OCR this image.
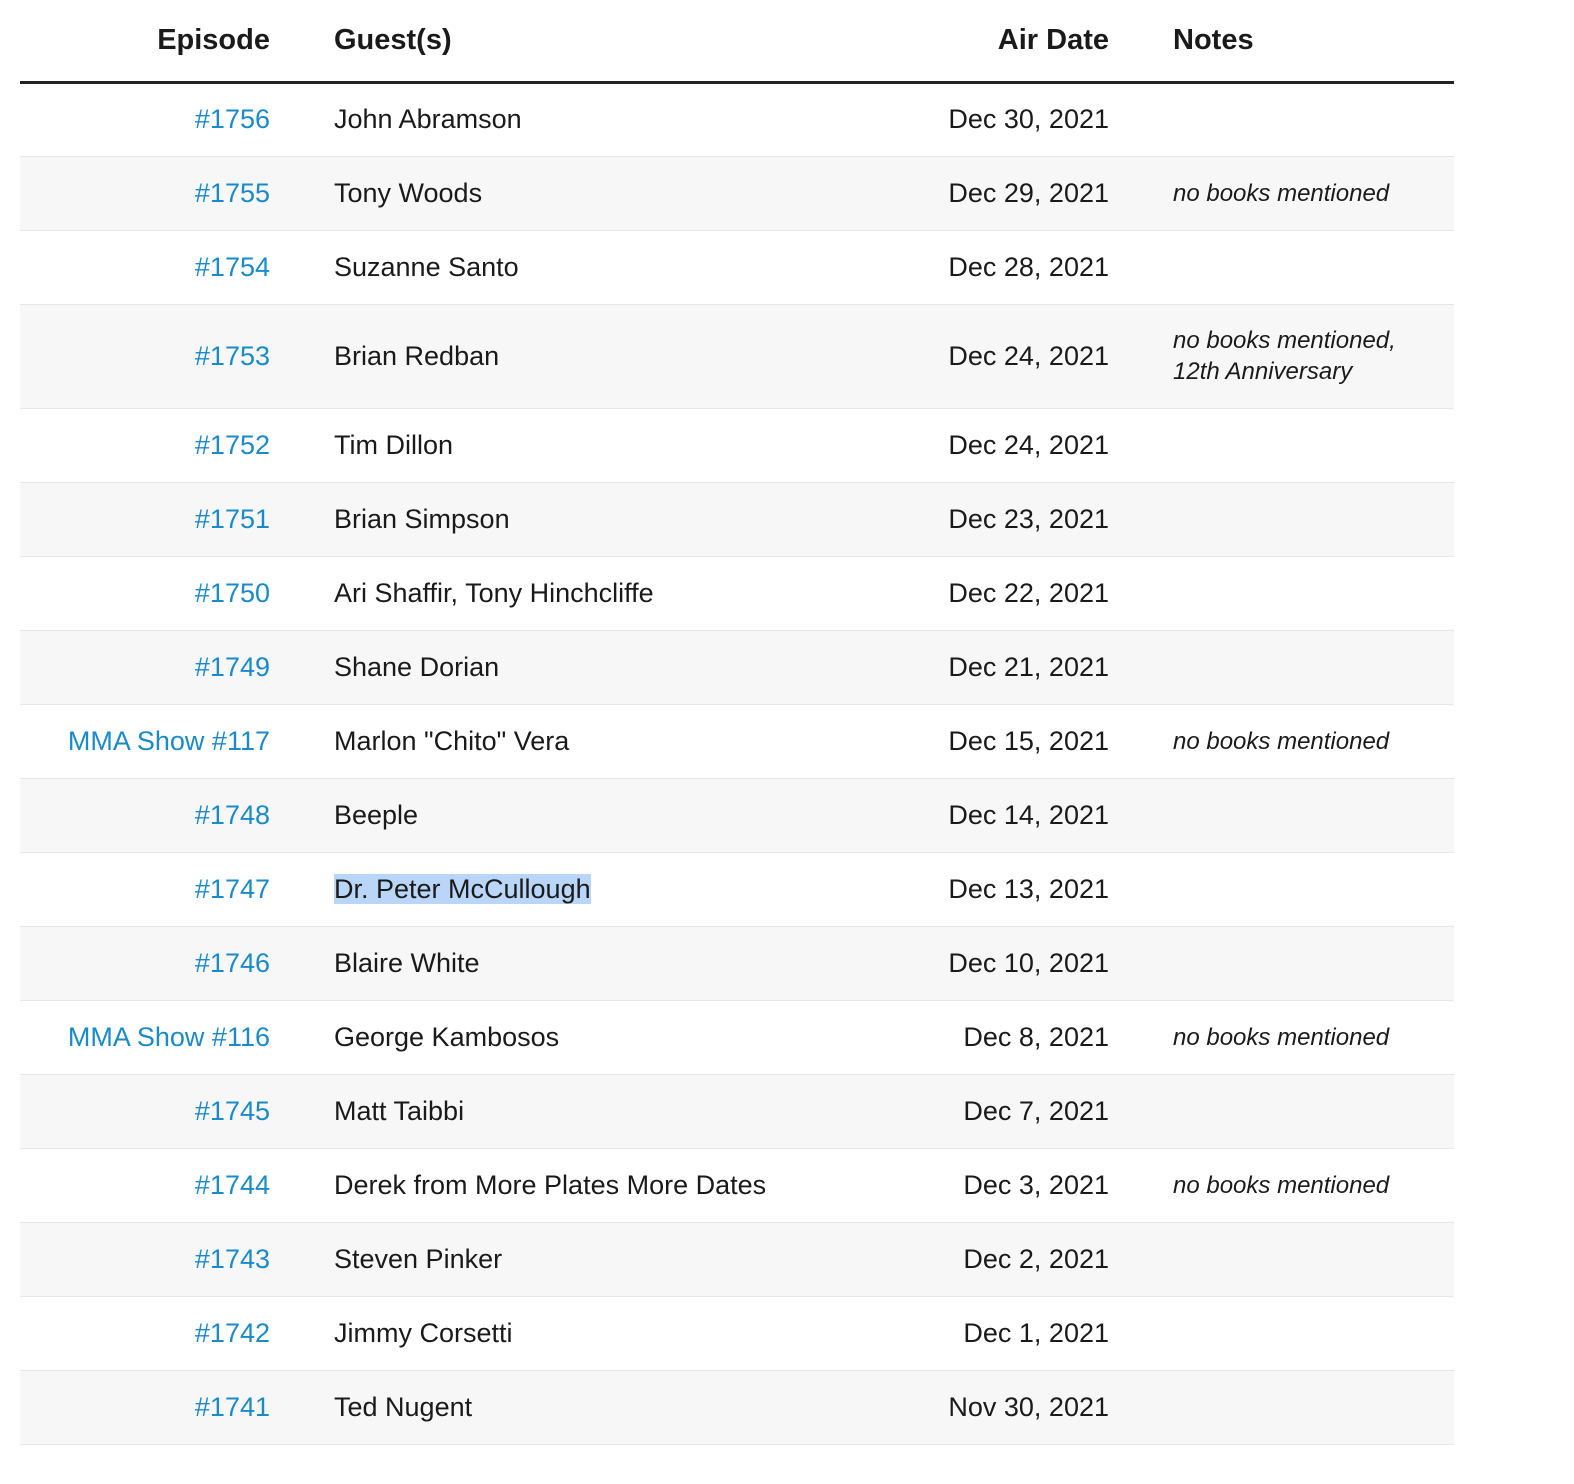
Episode	Guest(s)	Air Date	Notes
#1756	John Abramson	Dec 30, 2021	
#1755	Tony Woods	Dec 29, 2021	no books mentioned
#1754	Suzanne Santo	Dec 28, 2021	
#1753	Brian Redban	Dec 24, 2021	no books mentioned,
12th Anniversary
#1752	Tim Dillon	Dec 24, 2021	
#1751	Brian Simpson	Dec 23, 2021	
#1750	Ari Shaffir, Tony Hinchcliffe	Dec 22, 2021	
#1749	Shane Dorian	Dec 21, 2021	
MMA Show #117	Marlon "Chito" Vera	Dec 15, 2021	no books mentioned
#1748	Beeple	Dec 14, 2021	
#1747	Dr. Peter McCullough	Dec 13, 2021	
#1746	Blaire White	Dec 10, 2021	
MMA Show #116	George Kambosos	Dec 8, 2021	no books mentioned
#1745	Matt Taibbi	Dec 7, 2021	
#1744	Derek from More Plates More Dates	Dec 3, 2021	no books mentioned
#1743	Steven Pinker	Dec 2, 2021	
#1742	Jimmy Corsetti	Dec 1, 2021	
#1741	Ted Nugent	Nov 30, 2021	
